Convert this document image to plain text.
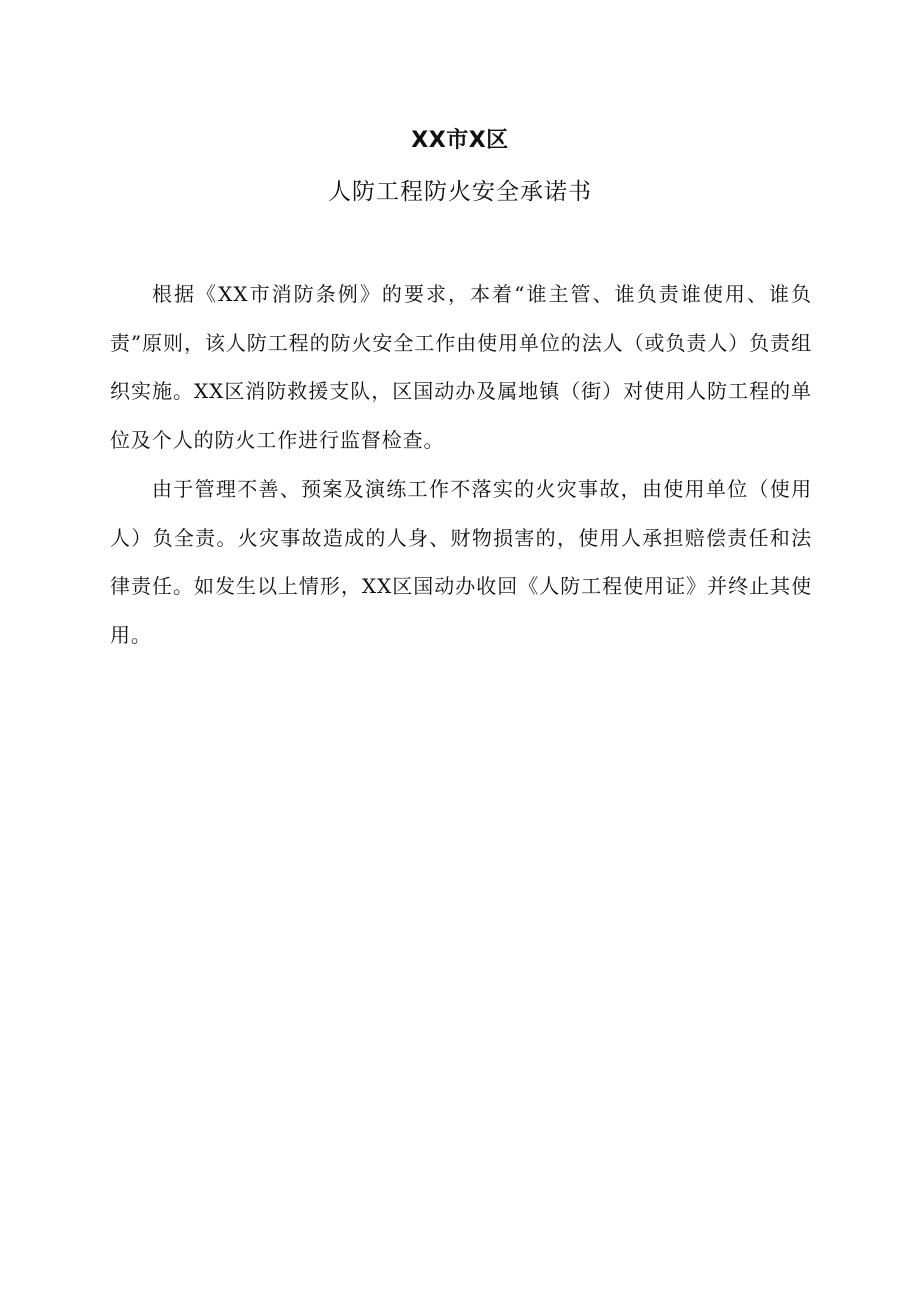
XX市X区
人防工程防火安全承诺书

根据《XX市消防条例》的要求，本着“谁主管、谁负责谁使用、谁负责”原则，该人防工程的防火安全工作由使用单位的法人（或负责人）负责组织实施。XX区消防救援支队，区国动办及属地镇（街）对使用人防工程的单位及个人的防火工作进行监督检查。

由于管理不善、预案及演练工作不落实的火灾事故，由使用单位（使用人）负全责。火灾事故造成的人身、财物损害的，使用人承担赔偿责任和法律责任。如发生以上情形，XX区国动办收回《人防工程使用证》并终止其使用。
